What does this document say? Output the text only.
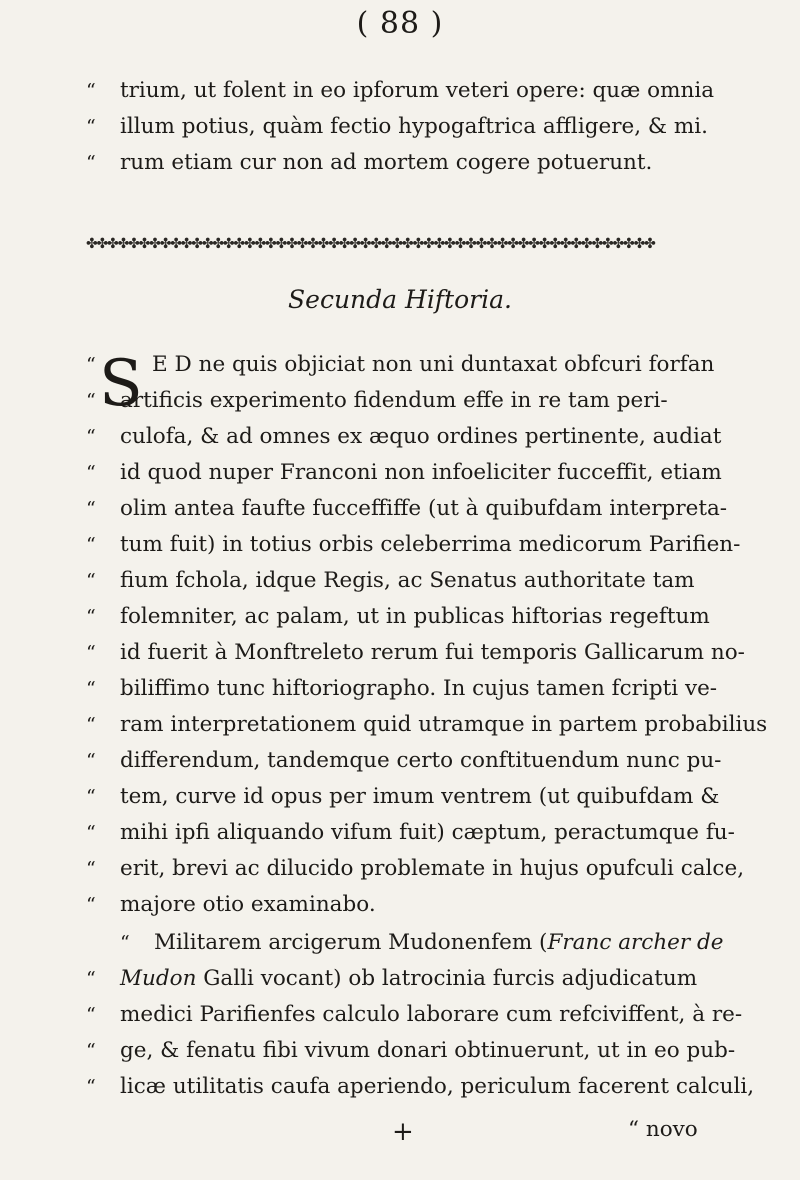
( 88 )
“ trium, ut folent in eo ipforum veteri opere: quæ omnia
“ illum potius, quàm fectio hypogaftrica affligere, & mi.
“ rum etiam cur non ad mortem cogere potuerunt.
✤✤✤✤✤✤✤✤✤✤✤✤✤✤✤✤✤✤✤✤✤✤✤✤✤✤✤✤✤✤✤✤✤✤✤✤✤✤✤✤✤✤✤✤✤✤✤✤✤✤✤✤✤✤
Secunda Hiftoria.
S
“	E D ne quis objiciat non uni duntaxat obfcuri forfan
“ artificis experimento fidendum effe in re tam peri-
“ culofa, & ad omnes ex æquo ordines pertinente, audiat
“ id quod nuper Franconi non infoeliciter fucceffit, etiam
“ olim antea faufte fucceffiffe (ut à quibufdam interpreta-
“ tum fuit) in totius orbis celeberrima medicorum Parifien-
“ fium fchola, idque Regis, ac Senatus authoritate tam
“ folemniter, ac palam, ut in publicas hiftorias regeftum
“ id fuerit à Monftreleto rerum fui temporis Gallicarum no-
“ biliffimo tunc hiftoriographo. In cujus tamen fcripti ve-
“ ram interpretationem quid utramque in partem probabilius
“ differendum, tandemque certo conftituendum nunc pu-
“ tem, curve id opus per imum ventrem (ut quibufdam &
“ mihi ipfi aliquando vifum fuit) cæptum, peractumque fu-
“ erit, brevi ac dilucido problemate in hujus opufculi calce,
“ majore otio examinabo.
“ Militarem arcigerum Mudonenfem (Franc archer de
“ Mudon Galli vocant) ob latrocinia furcis adjudicatum
“ medici Parifienfes calculo laborare cum refciviffent, à re-
“ ge, & fenatu fibi vivum donari obtinuerunt, ut in eo pub-
“ licæ utilitatis caufa aperiendo, periculum facerent calculi,
+	“ novo
